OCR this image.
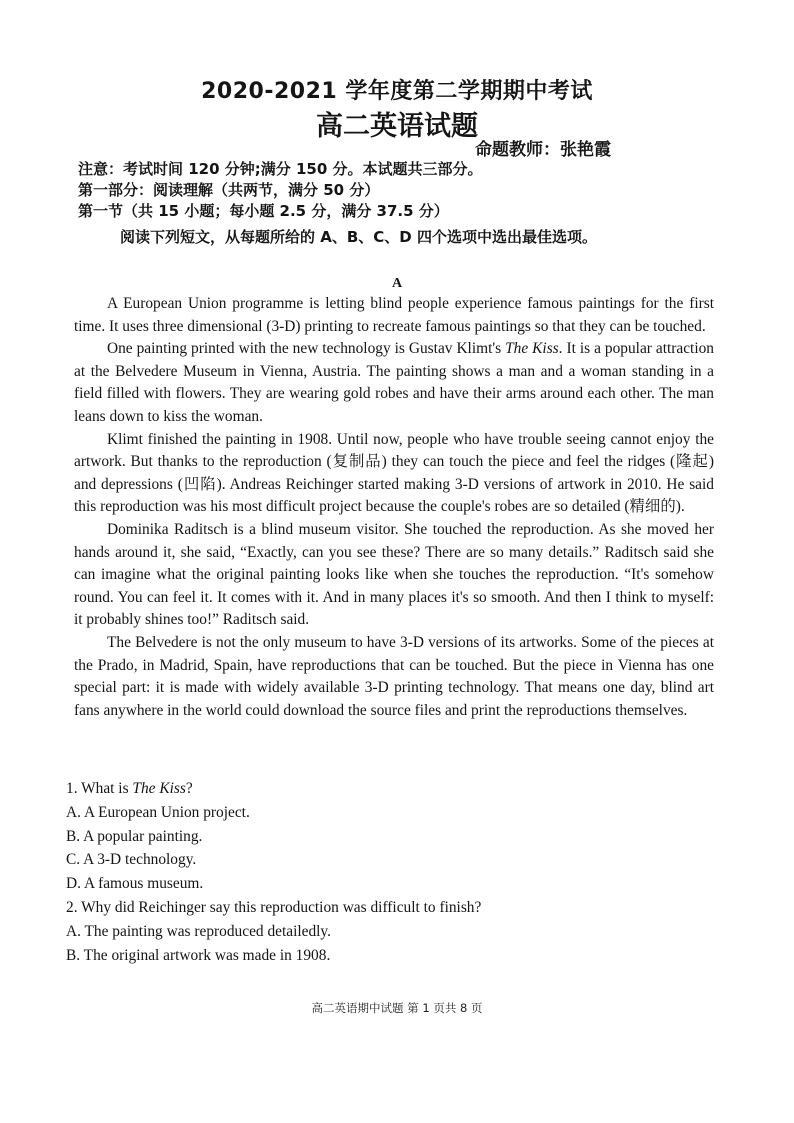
2020-2021 学年度第二学期期中考试
高二英语试题
命题教师：张艳霞
注意：考试时间 120 分钟;满分 150 分。本试题共三部分。
第一部分：阅读理解（共两节，满分 50 分）
第一节（共 15 小题；每小题 2.5 分，满分 37.5 分）
阅读下列短文，从每题所给的 A、B、C、D 四个选项中选出最佳选项。
A

A European Union programme is letting blind people experience famous paintings for the first time. It uses three dimensional (3-D) printing to recreate famous paintings so that they can be touched.

One painting printed with the new technology is Gustav Klimt's The Kiss. It is a popular attraction at the Belvedere Museum in Vienna, Austria. The painting shows a man and a woman standing in a field filled with flowers. They are wearing gold robes and have their arms around each other. The man leans down to kiss the woman.

Klimt finished the painting in 1908. Until now, people who have trouble seeing cannot enjoy the artwork. But thanks to the reproduction (复制品) they can touch the piece and feel the ridges (隆起) and depressions (凹陷). Andreas Reichinger started making 3-D versions of artwork in 2010. He said this reproduction was his most difficult project because the couple's robes are so detailed (精细的).

Dominika Raditsch is a blind museum visitor. She touched the reproduction. As she moved her hands around it, she said, “Exactly, can you see these? There are so many details.” Raditsch said she can imagine what the original painting looks like when she touches the reproduction. “It's somehow round. You can feel it. It comes with it. And in many places it's so smooth. And then I think to myself: it probably shines too!” Raditsch said.

The Belvedere is not the only museum to have 3-D versions of its artworks. Some of the pieces at the Prado, in Madrid, Spain, have reproductions that can be touched. But the piece in Vienna has one special part: it is made with widely available 3-D printing technology. That means one day, blind art fans anywhere in the world could download the source files and print the reproductions themselves.

1. What is The Kiss?
A. A European Union project.
B. A popular painting.
C. A 3-D technology.
D. A famous museum.
2. Why did Reichinger say this reproduction was difficult to finish?
A. The painting was reproduced detailedly.
B. The original artwork was made in 1908.
高二英语期中试题 第 1 页共 8 页
